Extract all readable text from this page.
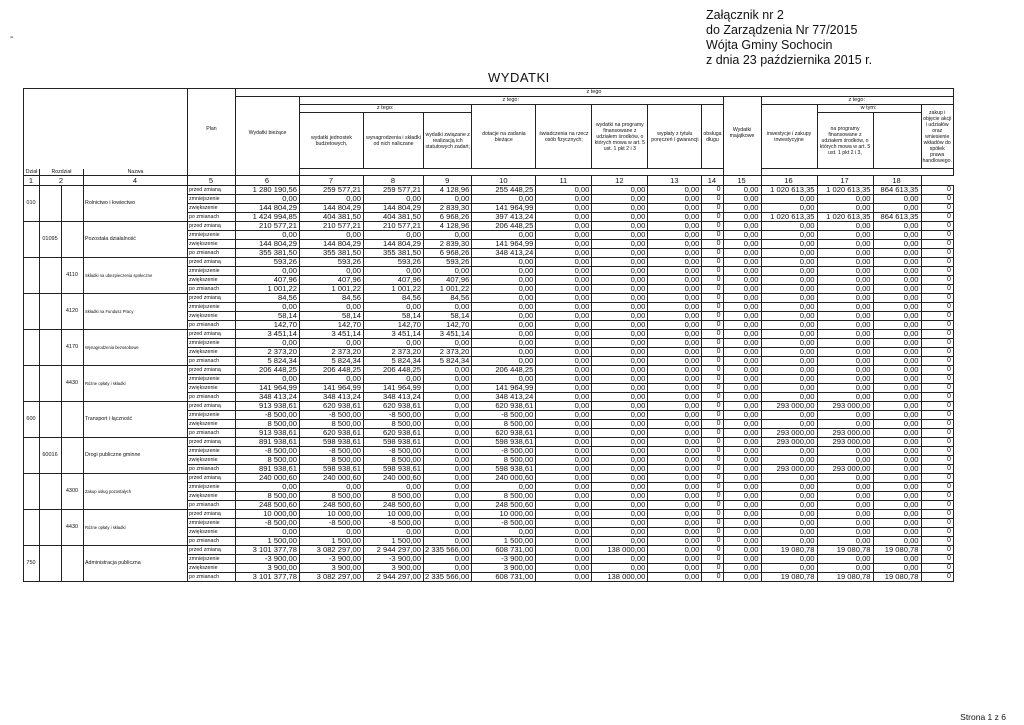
-
Załącznik nr 2
do Zarządzenia Nr 77/2015
Wójta Gminy Sochocin
z dnia 23 października 2015 r.
WYDATKI
				Plan	z tego													
					Wydatki bieżące	z tego:								Wydatki majątkowe	z tego:			
						z tego:			dotacje na zadania bieżące	świadczenia na rzecz osób fizycznych;	wydatki na programy finansowane z udziałem środków, o których mowa w art. 5 ust. 1 pkt 2 i 3	wypłaty z tytułu poręczeń i gwarancji	obsługa długu		inwestycje i zakupy inwestycyjne	w tym:		zakup i objęcie akcji i udziałów oraz wniesienie wkładów do spółek prawa handlowego.
						wydatki jednostek budżetowych,	wynagrodzenia i składki od nich naliczane	wydatki związane z realizacją ich statutowych zadań;								na programy finansowane z udziałem środków, o których mowa w art. 5 ust. 1 pkt 2 i 3,		

Dział	Rozdział		Nazwa															
1	2		4	5	6	7	8	9	10	11	12	13	14	15	16	17	18	
010			Rolnictwo i łowiectwo	przed zmianą	1 280 190,56	259 577,21	259 577,21	4 128,96	255 448,25	0,00	0,00	0,00	0	0,00	1 020 613,35	1 020 613,35	864 613,35	0
				zmniejszenie	0,00	0,00	0,00	0,00	0,00	0,00	0,00	0,00	0	0,00	0,00	0,00	0,00	0
				zwiększenie	144 804,29	144 804,29	144 804,29	2 839,30	141 964,99	0,00	0,00	0,00	0	0,00	0,00	0,00	0,00	0
				po zmianach	1 424 994,85	404 381,50	404 381,50	6 968,26	397 413,24	0,00	0,00	0,00	0	0,00	1 020 613,35	1 020 613,35	864 613,35	0
	01095		Pozostała działalność	przed zmianą	210 577,21	210 577,21	210 577,21	4 128,96	206 448,25	0,00	0,00	0,00	0	0,00	0,00	0,00	0,00	0
				zmniejszenie	0,00	0,00	0,00	0,00	0,00	0,00	0,00	0,00	0	0,00	0,00	0,00	0,00	0
				zwiększenie	144 804,29	144 804,29	144 804,29	2 839,30	141 964,99	0,00	0,00	0,00	0	0,00	0,00	0,00	0,00	0
				po zmianach	355 381,50	355 381,50	355 381,50	6 968,26	348 413,24	0,00	0,00	0,00	0	0,00	0,00	0,00	0,00	0
		4110	Składki na ubezpieczenia społeczne	przed zmianą	593,26	593,26	593,26	593,26	0,00	0,00	0,00	0,00	0	0,00	0,00	0,00	0,00	0
				zmniejszenie	0,00	0,00	0,00	0,00	0,00	0,00	0,00	0,00	0	0,00	0,00	0,00	0,00	0
				zwiększenie	407,96	407,96	407,96	407,96	0,00	0,00	0,00	0,00	0	0,00	0,00	0,00	0,00	0
				po zmianach	1 001,22	1 001,22	1 001,22	1 001,22	0,00	0,00	0,00	0,00	0	0,00	0,00	0,00	0,00	0
		4120	Składki na Fundusz Pracy	przed zmianą	84,56	84,56	84,56	84,56	0,00	0,00	0,00	0,00	0	0,00	0,00	0,00	0,00	0
				zmniejszenie	0,00	0,00	0,00	0,00	0,00	0,00	0,00	0,00	0	0,00	0,00	0,00	0,00	0
				zwiększenie	58,14	58,14	58,14	58,14	0,00	0,00	0,00	0,00	0	0,00	0,00	0,00	0,00	0
				po zmianach	142,70	142,70	142,70	142,70	0,00	0,00	0,00	0,00	0	0,00	0,00	0,00	0,00	0
		4170	Wynagrodzenia bezosobowe	przed zmianą	3 451,14	3 451,14	3 451,14	3 451,14	0,00	0,00	0,00	0,00	0	0,00	0,00	0,00	0,00	0
				zmniejszenie	0,00	0,00	0,00	0,00	0,00	0,00	0,00	0,00	0	0,00	0,00	0,00	0,00	0
				zwiększenie	2 373,20	2 373,20	2 373,20	2 373,20	0,00	0,00	0,00	0,00	0	0,00	0,00	0,00	0,00	0
				po zmianach	5 824,34	5 824,34	5 824,34	5 824,34	0,00	0,00	0,00	0,00	0	0,00	0,00	0,00	0,00	0
		4430	Różne opłaty i składki	przed zmianą	206 448,25	206 448,25	206 448,25	0,00	206 448,25	0,00	0,00	0,00	0	0,00	0,00	0,00	0,00	0
				zmniejszenie	0,00	0,00	0,00	0,00	0,00	0,00	0,00	0,00	0	0,00	0,00	0,00	0,00	0
				zwiększenie	141 964,99	141 964,99	141 964,99	0,00	141 964,99	0,00	0,00	0,00	0	0,00	0,00	0,00	0,00	0
				po zmianach	348 413,24	348 413,24	348 413,24	0,00	348 413,24	0,00	0,00	0,00	0	0,00	0,00	0,00	0,00	0
600			Transport i łączność	przed zmianą	913 938,61	620 938,61	620 938,61	0,00	620 938,61	0,00	0,00	0,00	0	0,00	293 000,00	293 000,00	0,00	0
				zmniejszenie	-8 500,00	-8 500,00	-8 500,00	0,00	-8 500,00	0,00	0,00	0,00	0	0,00	0,00	0,00	0,00	0
				zwiększenie	8 500,00	8 500,00	8 500,00	0,00	8 500,00	0,00	0,00	0,00	0	0,00	0,00	0,00	0,00	0
				po zmianach	913 938,61	620 938,61	620 938,61	0,00	620 938,61	0,00	0,00	0,00	0	0,00	293 000,00	293 000,00	0,00	0
	60016		Drogi publiczne gminne	przed zmianą	891 938,61	598 938,61	598 938,61	0,00	598 938,61	0,00	0,00	0,00	0	0,00	293 000,00	293 000,00	0,00	0
				zmniejszenie	-8 500,00	-8 500,00	-8 500,00	0,00	-8 500,00	0,00	0,00	0,00	0	0,00	0,00	0,00	0,00	0
				zwiększenie	8 500,00	8 500,00	8 500,00	0,00	8 500,00	0,00	0,00	0,00	0	0,00	0,00	0,00	0,00	0
				po zmianach	891 938,61	598 938,61	598 938,61	0,00	598 938,61	0,00	0,00	0,00	0	0,00	293 000,00	293 000,00	0,00	0
		4300	Zakup usług pozostałych	przed zmianą	240 000,60	240 000,60	240 000,60	0,00	240 000,60	0,00	0,00	0,00	0	0,00	0,00	0,00	0,00	0
				zmniejszenie	0,00	0,00	0,00	0,00	0,00	0,00	0,00	0,00	0	0,00	0,00	0,00	0,00	0
				zwiększenie	8 500,00	8 500,00	8 500,00	0,00	8 500,00	0,00	0,00	0,00	0	0,00	0,00	0,00	0,00	0
				po zmianach	248 500,60	248 500,60	248 500,60	0,00	248 500,60	0,00	0,00	0,00	0	0,00	0,00	0,00	0,00	0
		4430	Różne opłaty i składki	przed zmianą	10 000,00	10 000,00	10 000,00	0,00	10 000,00	0,00	0,00	0,00	0	0,00	0,00	0,00	0,00	0
				zmniejszenie	-8 500,00	-8 500,00	-8 500,00	0,00	-8 500,00	0,00	0,00	0,00	0	0,00	0,00	0,00	0,00	0
				zwiększenie	0,00	0,00	0,00	0,00	0,00	0,00	0,00	0,00	0	0,00	0,00	0,00	0,00	0
				po zmianach	1 500,00	1 500,00	1 500,00	0,00	1 500,00	0,00	0,00	0,00	0	0,00	0,00	0,00	0,00	0
750			Administracja publiczna	przed zmianą	3 101 377,78	3 082 297,00	2 944 297,00	2 335 566,00	608 731,00	0,00	138 000,00	0,00	0	0,00	19 080,78	19 080,78	19 080,78	0
				zmniejszenie	-3 900,00	-3 900,00	-3 900,00	0,00	-3 900,00	0,00	0,00	0,00	0	0,00	0,00	0,00	0,00	0
				zwiększenie	3 900,00	3 900,00	3 900,00	0,00	3 900,00	0,00	0,00	0,00	0	0,00	0,00	0,00	0,00	0
				po zmianach	3 101 377,78	3 082 297,00	2 944 297,00	2 335 566,00	608 731,00	0,00	138 000,00	0,00	0	0,00	19 080,78	19 080,78	19 080,78	0
Strona 1 z 6
